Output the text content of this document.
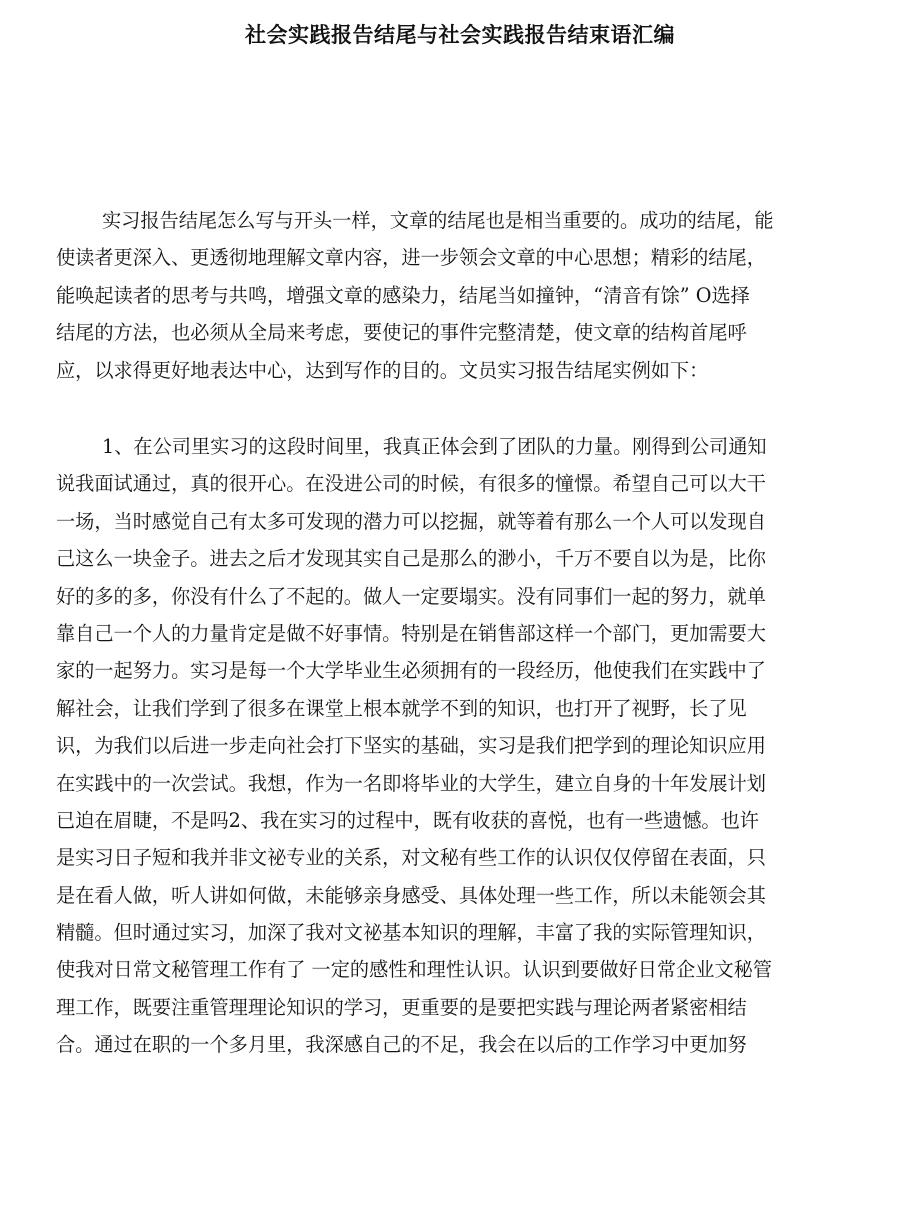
社会实践报告结尾与社会实践报告结束语汇编
实习报告结尾怎么写与开头一样，文章的结尾也是相当重要的。成功的结尾，能
使读者更深入、更透彻地理解文章内容，进一步领会文章的中心思想；精彩的结尾，
能唤起读者的思考与共鸣，增强文章的感染力，结尾当如撞钟，“清音有馀” O选择
结尾的方法，也必须从全局来考虑，要使记的事件完整清楚，使文章的结构首尾呼
应，以求得更好地表达中心，达到写作的目的。文员实习报告结尾实例如下：
1、在公司里实习的这段时间里，我真正体会到了团队的力量。刚得到公司通知
说我面试通过，真的很开心。在没进公司的时候，有很多的憧憬。希望自己可以大干
一场，当时感觉自己有太多可发现的潜力可以挖掘，就等着有那么一个人可以发现自
己这么一块金子。进去之后才发现其实自己是那么的渺小，千万不要自以为是，比你
好的多的多，你没有什么了不起的。做人一定要塌实。没有同事们一起的努力，就单
靠自己一个人的力量肯定是做不好事情。特别是在销售部这样一个部门，更加需要大
家的一起努力。实习是每一个大学毕业生必须拥有的一段经历，他使我们在实践中了
解社会，让我们学到了很多在课堂上根本就学不到的知识，也打开了视野，长了见
识，为我们以后进一步走向社会打下坚实的基础，实习是我们把学到的理论知识应用
在实践中的一次尝试。我想，作为一名即将毕业的大学生，建立自身的十年发展计划
已迫在眉睫，不是吗2、我在实习的过程中，既有收获的喜悦，也有一些遗憾。也许
是实习日子短和我并非文祕专业的关系，对文秘有些工作的认识仅仅停留在表面，只
是在看人做，听人讲如何做，未能够亲身感受、具体处理一些工作，所以未能领会其
精髓。但时通过实习，加深了我对文祕基本知识的理解，丰富了我的实际管理知识，
使我对日常文秘管理工作有了 一定的感性和理性认识。认识到要做好日常企业文秘管
理工作，既要注重管理理论知识的学习，更重要的是要把实践与理论两者紧密相结
合。通过在职的一个多月里，我深感自己的不足，我会在以后的工作学习中更加努
